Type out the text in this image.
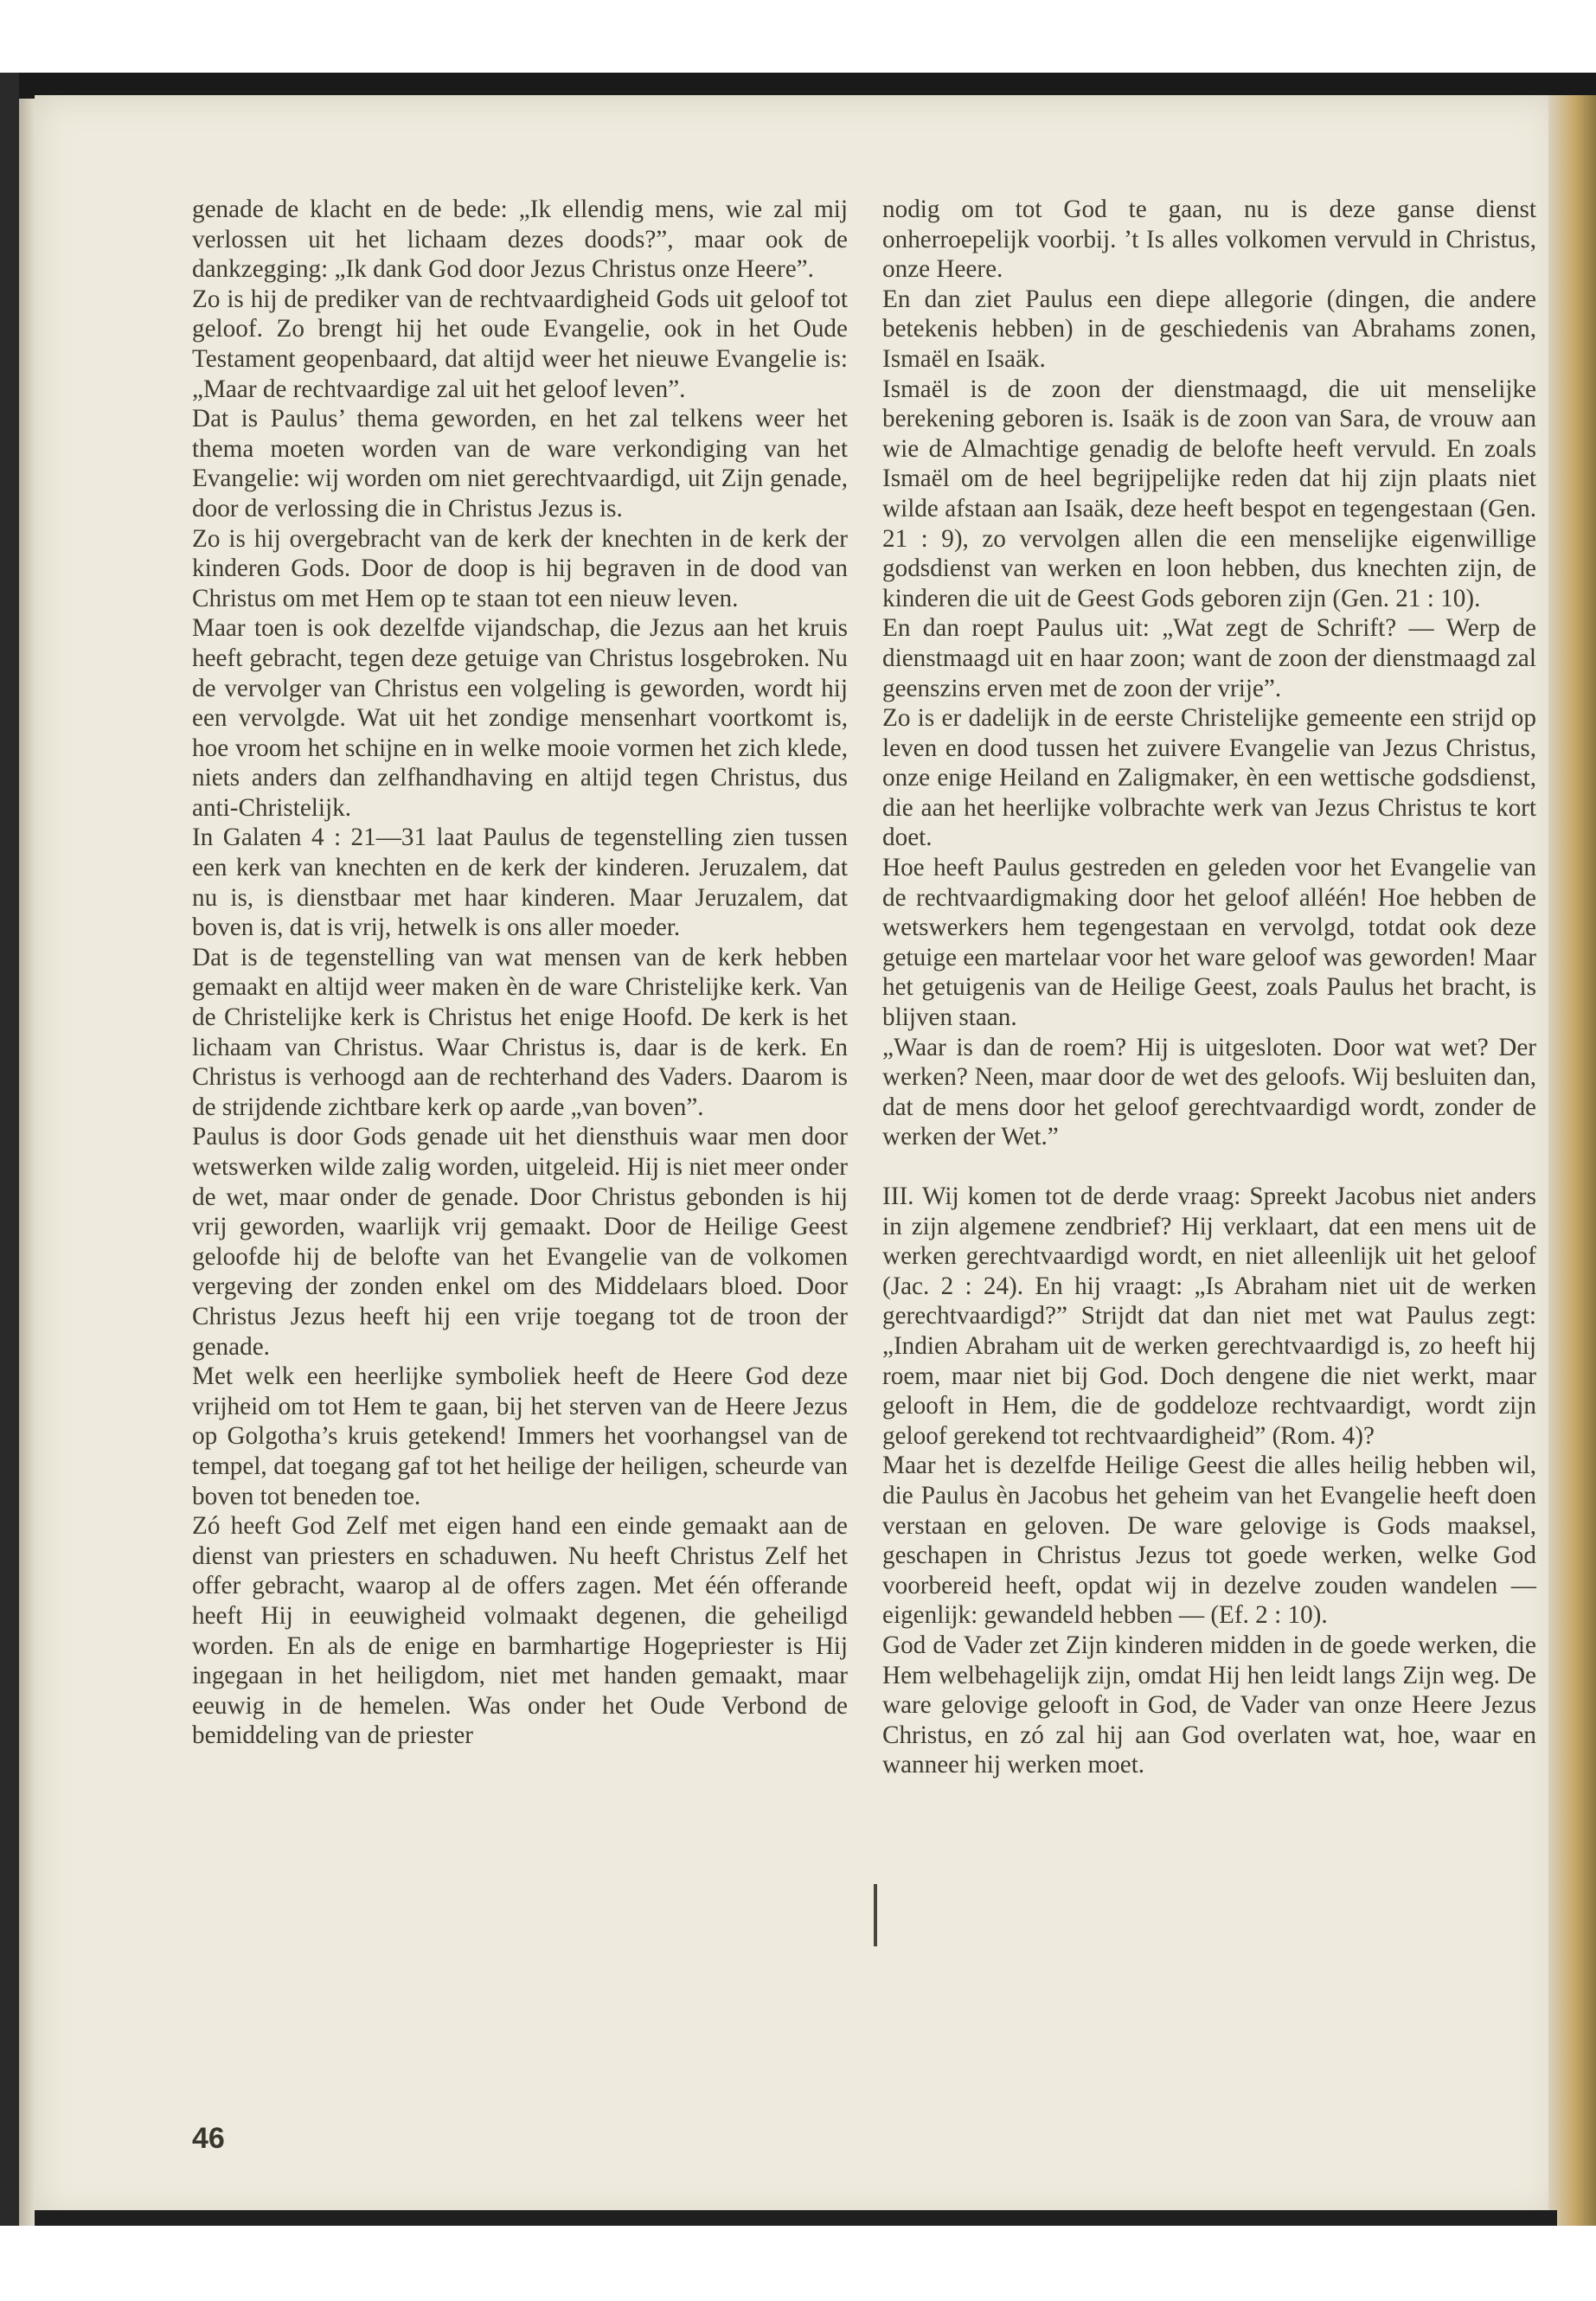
genade de klacht en de bede: „Ik ellendig mens, wie zal mij verlossen uit het lichaam dezes doods?”, maar ook de dankzegging: „Ik dank God door Jezus Christus onze Heere”.

Zo is hij de prediker van de rechtvaardigheid Gods uit geloof tot geloof. Zo brengt hij het oude Evangelie, ook in het Oude Testament geopenbaard, dat altijd weer het nieuwe Evangelie is: „Maar de rechtvaardige zal uit het geloof leven”.

Dat is Paulus’ thema geworden, en het zal telkens weer het thema moeten worden van de ware verkondiging van het Evangelie: wij worden om niet gerechtvaardigd, uit Zijn genade, door de verlossing die in Christus Jezus is.

Zo is hij overgebracht van de kerk der knechten in de kerk der kinderen Gods. Door de doop is hij begraven in de dood van Christus om met Hem op te staan tot een nieuw leven.

Maar toen is ook dezelfde vijandschap, die Jezus aan het kruis heeft gebracht, tegen deze getuige van Christus losgebroken. Nu de vervolger van Christus een volgeling is geworden, wordt hij een vervolgde. Wat uit het zondige mensenhart voortkomt is, hoe vroom het schijne en in welke mooie vormen het zich klede, niets anders dan zelfhandhaving en altijd tegen Christus, dus anti-Christelijk.

In Galaten 4 : 21—31 laat Paulus de tegenstelling zien tussen een kerk van knechten en de kerk der kinderen. Jeruzalem, dat nu is, is dienstbaar met haar kinderen. Maar Jeruzalem, dat boven is, dat is vrij, hetwelk is ons aller moeder.

Dat is de tegenstelling van wat mensen van de kerk hebben gemaakt en altijd weer maken èn de ware Christelijke kerk. Van de Christelijke kerk is Christus het enige Hoofd. De kerk is het lichaam van Christus. Waar Christus is, daar is de kerk. En Christus is verhoogd aan de rechterhand des Vaders. Daarom is de strijdende zichtbare kerk op aarde „van boven”.

Paulus is door Gods genade uit het diensthuis waar men door wetswerken wilde zalig worden, uitgeleid. Hij is niet meer onder de wet, maar onder de genade. Door Christus gebonden is hij vrij geworden, waarlijk vrij gemaakt. Door de Heilige Geest geloofde hij de belofte van het Evangelie van de volkomen vergeving der zonden enkel om des Middelaars bloed. Door Christus Jezus heeft hij een vrije toegang tot de troon der genade.

Met welk een heerlijke symboliek heeft de Heere God deze vrijheid om tot Hem te gaan, bij het sterven van de Heere Jezus op Golgotha’s kruis getekend! Immers het voorhangsel van de tempel, dat toegang gaf tot het heilige der heiligen, scheurde van boven tot beneden toe.

Zó heeft God Zelf met eigen hand een einde gemaakt aan de dienst van priesters en schaduwen. Nu heeft Christus Zelf het offer gebracht, waarop al de offers zagen. Met één offerande heeft Hij in eeuwigheid volmaakt degenen, die geheiligd worden. En als de enige en barmhartige Hogepriester is Hij ingegaan in het heiligdom, niet met handen gemaakt, maar eeuwig in de hemelen. Was onder het Oude Verbond de bemiddeling van de priester

nodig om tot God te gaan, nu is deze ganse dienst onherroepelijk voorbij. ’t Is alles volkomen vervuld in Christus, onze Heere.

En dan ziet Paulus een diepe allegorie (dingen, die andere betekenis hebben) in de geschiedenis van Abrahams zonen, Ismaël en Isaäk.

Ismaël is de zoon der dienstmaagd, die uit menselijke berekening geboren is. Isaäk is de zoon van Sara, de vrouw aan wie de Almachtige genadig de belofte heeft vervuld. En zoals Ismaël om de heel begrijpelijke reden dat hij zijn plaats niet wilde afstaan aan Isaäk, deze heeft bespot en tegengestaan (Gen. 21 : 9), zo vervolgen allen die een menselijke eigenwillige godsdienst van werken en loon hebben, dus knechten zijn, de kinderen die uit de Geest Gods geboren zijn (Gen. 21 : 10).

En dan roept Paulus uit: „Wat zegt de Schrift? — Werp de dienstmaagd uit en haar zoon; want de zoon der dienstmaagd zal geenszins erven met de zoon der vrije”.

Zo is er dadelijk in de eerste Christelijke gemeente een strijd op leven en dood tussen het zuivere Evangelie van Jezus Christus, onze enige Heiland en Zaligmaker, èn een wettische godsdienst, die aan het heerlijke volbrachte werk van Jezus Christus te kort doet.

Hoe heeft Paulus gestreden en geleden voor het Evangelie van de rechtvaardigmaking door het geloof alléén! Hoe hebben de wetswerkers hem tegengestaan en vervolgd, totdat ook deze getuige een martelaar voor het ware geloof was geworden! Maar het getuigenis van de Heilige Geest, zoals Paulus het bracht, is blijven staan.

„Waar is dan de roem? Hij is uitgesloten. Door wat wet? Der werken? Neen, maar door de wet des geloofs. Wij besluiten dan, dat de mens door het geloof gerechtvaardigd wordt, zonder de werken der Wet.”

III. Wij komen tot de derde vraag: Spreekt Jacobus niet anders in zijn algemene zendbrief? Hij verklaart, dat een mens uit de werken gerechtvaardigd wordt, en niet alleenlijk uit het geloof (Jac. 2 : 24). En hij vraagt: „Is Abraham niet uit de werken gerechtvaardigd?” Strijdt dat dan niet met wat Paulus zegt: „Indien Abraham uit de werken gerechtvaardigd is, zo heeft hij roem, maar niet bij God. Doch dengene die niet werkt, maar gelooft in Hem, die de goddeloze rechtvaardigt, wordt zijn geloof gerekend tot rechtvaardigheid” (Rom. 4)?

Maar het is dezelfde Heilige Geest die alles heilig hebben wil, die Paulus èn Jacobus het geheim van het Evangelie heeft doen verstaan en geloven. De ware gelovige is Gods maaksel, geschapen in Christus Jezus tot goede werken, welke God voorbereid heeft, opdat wij in dezelve zouden wandelen — eigenlijk: gewandeld hebben — (Ef. 2 : 10).

God de Vader zet Zijn kinderen midden in de goede werken, die Hem welbehagelijk zijn, omdat Hij hen leidt langs Zijn weg. De ware gelovige gelooft in God, de Vader van onze Heere Jezus Christus, en zó zal hij aan God overlaten wat, hoe, waar en wanneer hij werken moet.

46
